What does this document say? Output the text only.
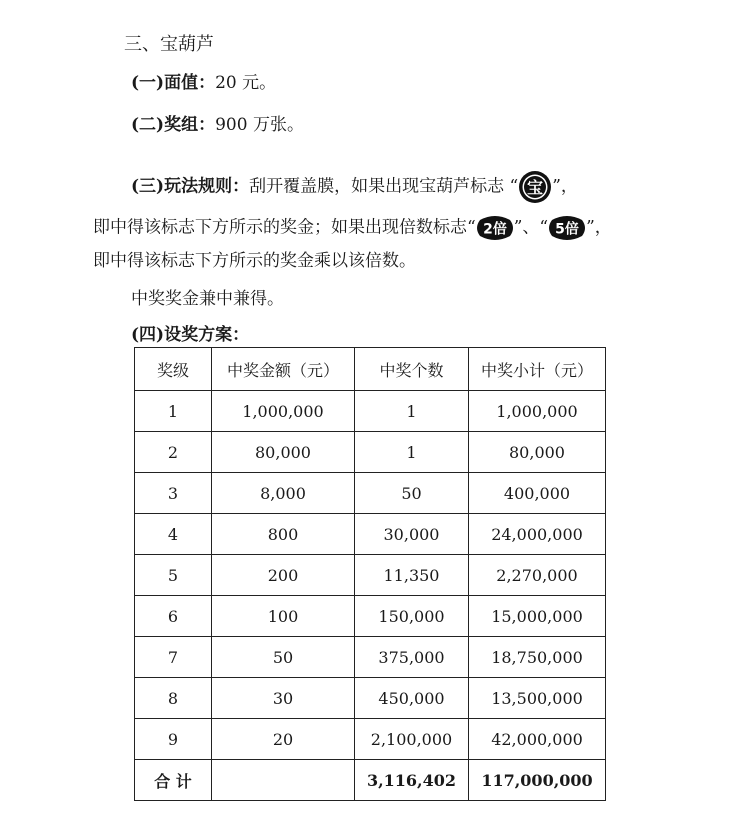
三、宝葫芦
(一)面值：20 元。
(二)奖组：900 万张。
(三)玩法规则：刮开覆盖膜，如果出现宝葫芦标志 “ 宝 ”，
即中得该标志下方所示的奖金；如果出现倍数标志“ 2倍 ”、“ 5倍 ”，
即中得该标志下方所示的奖金乘以该倍数。
中奖奖金兼中兼得。
(四)设奖方案：
奖级	中奖金额（元）	中奖个数	中奖小计（元）
1	1,000,000	1	1,000,000
2	80,000	1	80,000
3	8,000	50	400,000
4	800	30,000	24,000,000
5	200	11,350	2,270,000
6	100	150,000	15,000,000
7	50	375,000	18,750,000
8	30	450,000	13,500,000
9	20	2,100,000	42,000,000
合 计		3,116,402	117,000,000
